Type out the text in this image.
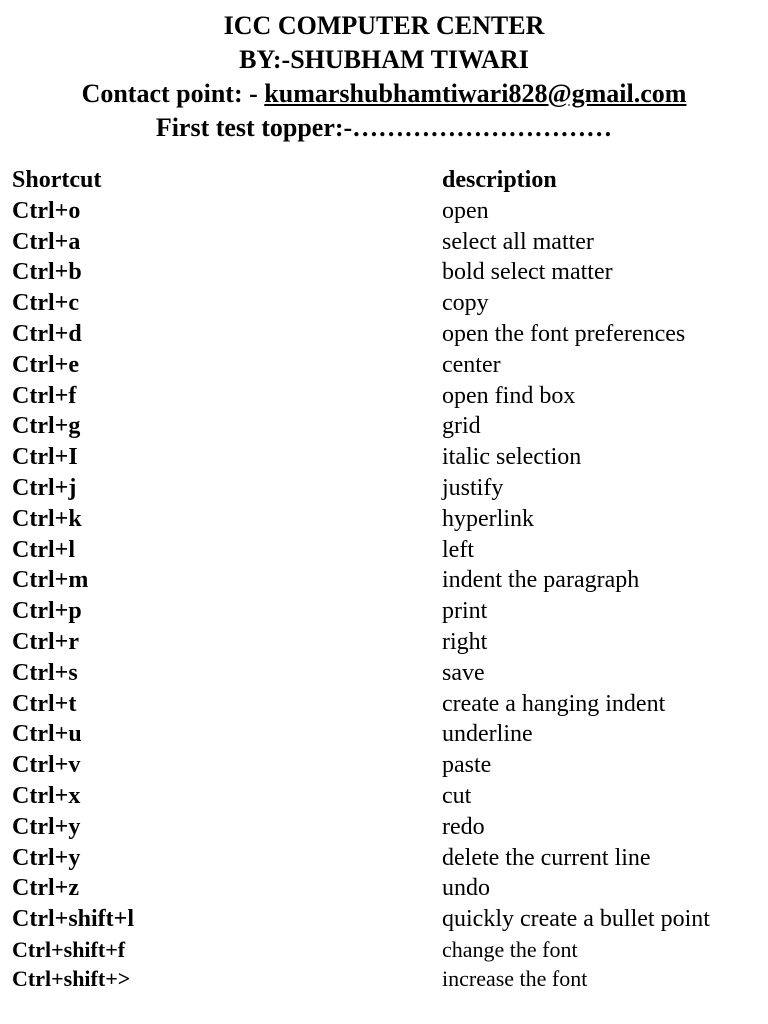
ICC COMPUTER CENTER
BY:-SHUBHAM TIWARI
Contact point: - kumarshubhamtiwari828@gmail.com
First test topper:-…………………………
Shortcut	description
Ctrl+o	open
Ctrl+a	select all matter
Ctrl+b	bold select matter
Ctrl+c	copy
Ctrl+d	open the font preferences
Ctrl+e	center
Ctrl+f	open find box
Ctrl+g	grid
Ctrl+I	italic selection
Ctrl+j	justify
Ctrl+k	hyperlink
Ctrl+l	left
Ctrl+m	indent the paragraph
Ctrl+p	print
Ctrl+r	right
Ctrl+s	save
Ctrl+t	create a hanging indent
Ctrl+u	underline
Ctrl+v	paste
Ctrl+x	cut
Ctrl+y	redo
Ctrl+y	delete the current line
Ctrl+z	undo
Ctrl+shift+l	quickly create a bullet point
Ctrl+shift+f	change the font
Ctrl+shift+>	increase the font
